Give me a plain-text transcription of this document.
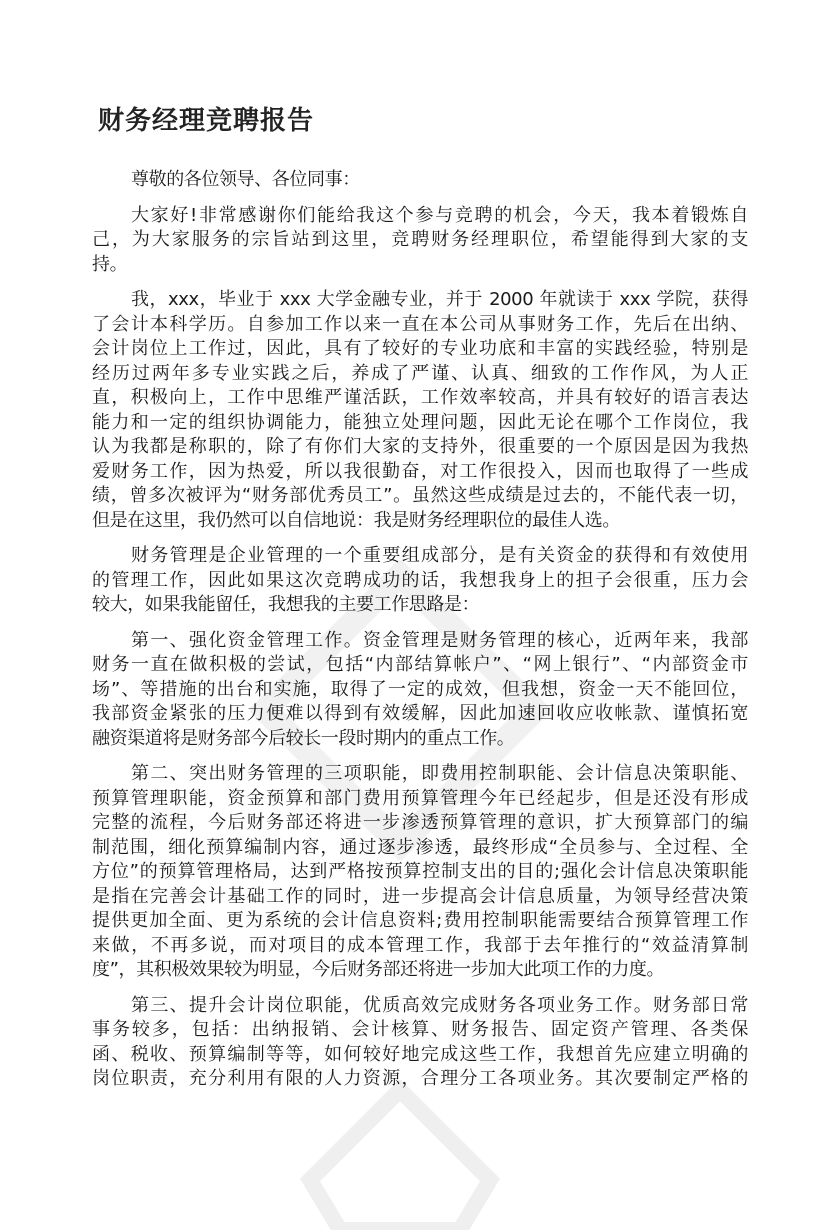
财务经理竞聘报告
尊敬的各位领导、各位同事：
大家好!非常感谢你们能给我这个参与竞聘的机会，今天，我本着锻炼自
己，为大家服务的宗旨站到这里，竞聘财务经理职位，希望能得到大家的支
持。
我，xxx，毕业于 xxx 大学金融专业，并于 2000 年就读于 xxx 学院，获得
了会计本科学历。自参加工作以来一直在本公司从事财务工作，先后在出纳、
会计岗位上工作过，因此，具有了较好的专业功底和丰富的实践经验，特别是
经历过两年多专业实践之后，养成了严谨、认真、细致的工作作风，为人正
直，积极向上，工作中思维严谨活跃，工作效率较高，并具有较好的语言表达
能力和一定的组织协调能力，能独立处理问题，因此无论在哪个工作岗位，我
认为我都是称职的，除了有你们大家的支持外，很重要的一个原因是因为我热
爱财务工作，因为热爱，所以我很勤奋，对工作很投入，因而也取得了一些成
绩，曾多次被评为“财务部优秀员工”。虽然这些成绩是过去的，不能代表一切，
但是在这里，我仍然可以自信地说：我是财务经理职位的最佳人选。
财务管理是企业管理的一个重要组成部分，是有关资金的获得和有效使用
的管理工作，因此如果这次竞聘成功的话，我想我身上的担子会很重，压力会
较大，如果我能留任，我想我的主要工作思路是：
第一、强化资金管理工作。资金管理是财务管理的核心，近两年来，我部
财务一直在做积极的尝试，包括“内部结算帐户”、“网上银行”、“内部资金市
场”、等措施的出台和实施，取得了一定的成效，但我想，资金一天不能回位，
我部资金紧张的压力便难以得到有效缓解，因此加速回收应收帐款、谨慎拓宽
融资渠道将是财务部今后较长一段时期内的重点工作。
第二、突出财务管理的三项职能，即费用控制职能、会计信息决策职能、
预算管理职能，资金预算和部门费用预算管理今年已经起步，但是还没有形成
完整的流程，今后财务部还将进一步渗透预算管理的意识，扩大预算部门的编
制范围，细化预算编制内容，通过逐步渗透，最终形成“全员参与、全过程、全
方位”的预算管理格局，达到严格按预算控制支出的目的;强化会计信息决策职能
是指在完善会计基础工作的同时，进一步提高会计信息质量，为领导经营决策
提供更加全面、更为系统的会计信息资料;费用控制职能需要结合预算管理工作
来做，不再多说，而对项目的成本管理工作，我部于去年推行的“效益清算制
度”，其积极效果较为明显，今后财务部还将进一步加大此项工作的力度。
第三、提升会计岗位职能，优质高效完成财务各项业务工作。财务部日常
事务较多，包括：出纳报销、会计核算、财务报告、固定资产管理、各类保
函、税收、预算编制等等，如何较好地完成这些工作，我想首先应建立明确的
岗位职责，充分利用有限的人力资源，合理分工各项业务。其次要制定严格的
